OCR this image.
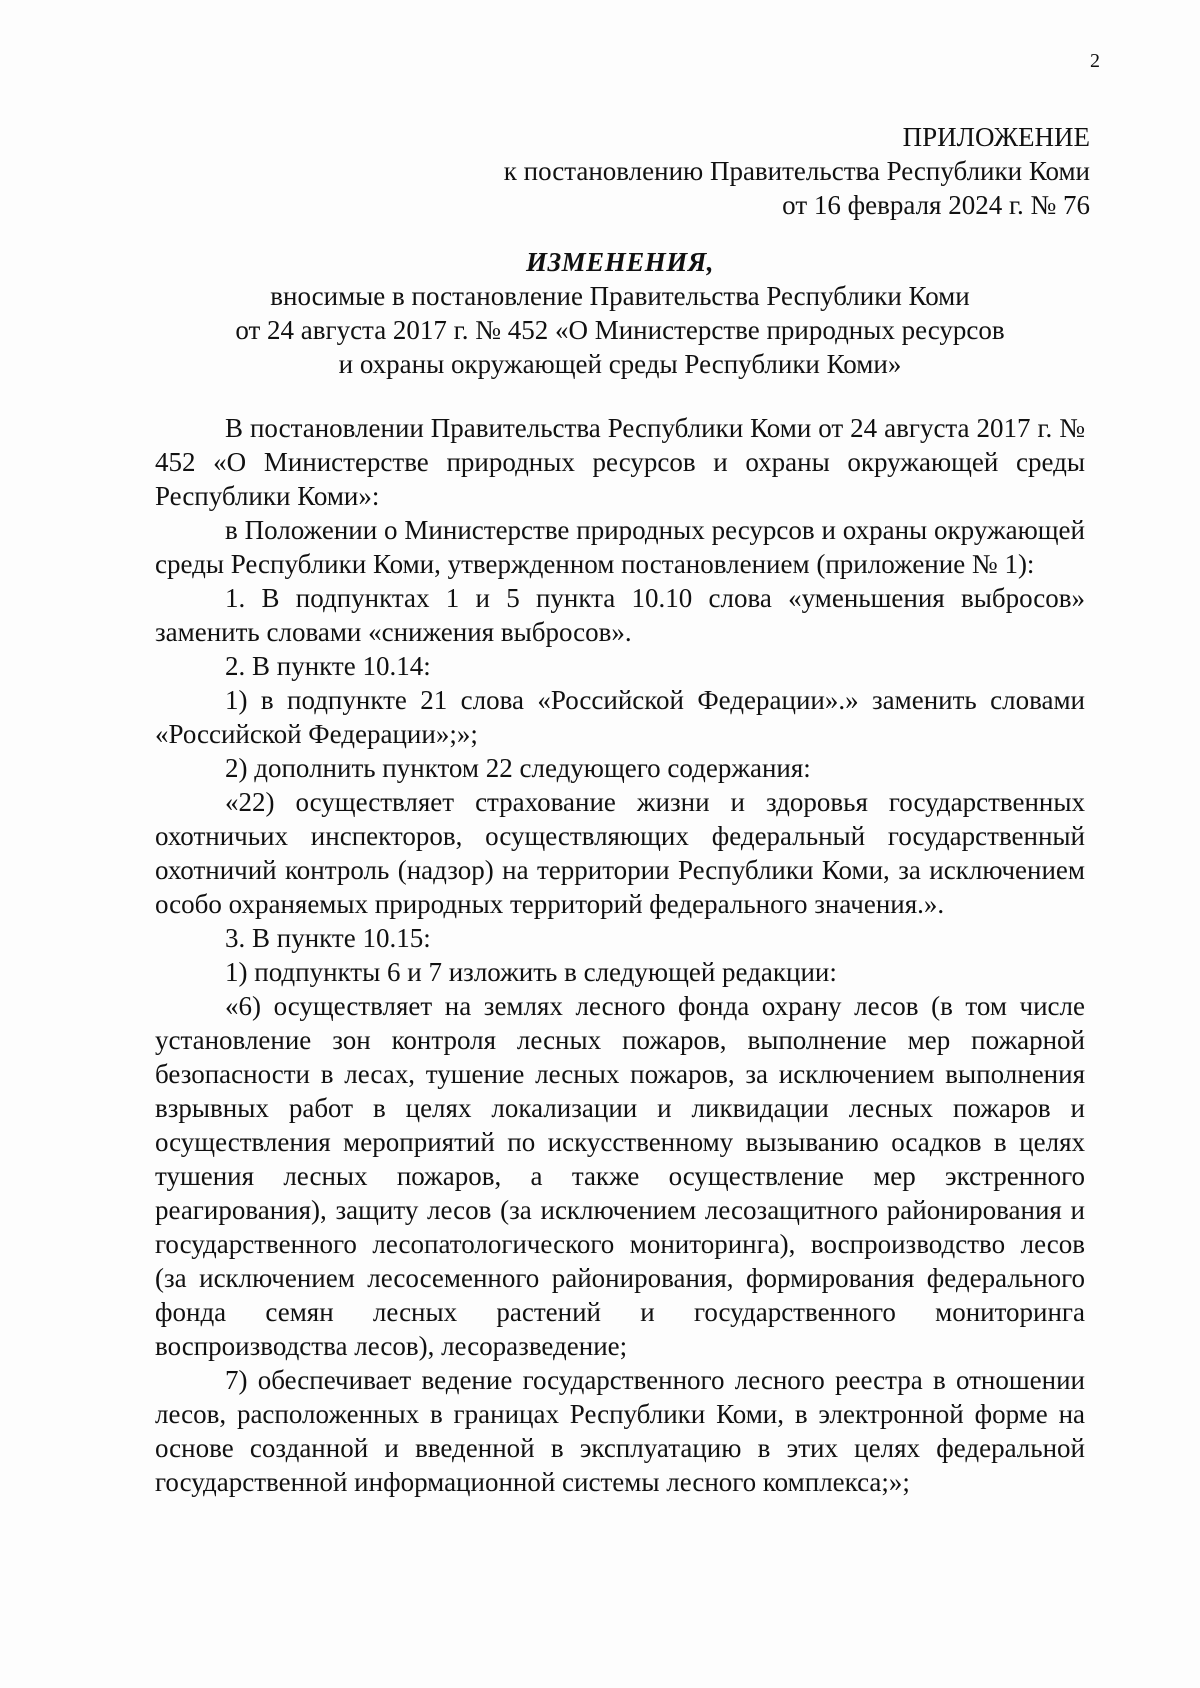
2
ПРИЛОЖЕНИЕ
к постановлению Правительства Республики Коми
от 16 февраля 2024 г. № 76
ИЗМЕНЕНИЯ,
вносимые в постановление Правительства Республики Коми
от 24 августа 2017 г. № 452 «О Министерстве природных ресурсов
и охраны окружающей среды Республики Коми»

В постановлении Правительства Республики Коми от 24 августа 2017 г. № 452 «О Министерстве природных ресурсов и охраны окружающей среды Республики Коми»:

в Положении о Министерстве природных ресурсов и охраны окружающей среды Республики Коми, утвержденном постановлением (приложение № 1):

1. В подпунктах 1 и 5 пункта 10.10 слова «уменьшения выбросов» заменить словами «снижения выбросов».

2. В пункте 10.14:

1) в подпункте 21 слова «Российской Федерации».» заменить словами «Российской Федерации»;»;

2) дополнить пунктом 22 следующего содержания:

«22) осуществляет страхование жизни и здоровья государственных охотничьих инспекторов, осуществляющих федеральный государственный охотничий контроль (надзор) на территории Республики Коми, за исключением особо охраняемых природных территорий федерального значения.».

3. В пункте 10.15:

1) подпункты 6 и 7 изложить в следующей редакции:

«6) осуществляет на землях лесного фонда охрану лесов (в том числе установление зон контроля лесных пожаров, выполнение мер пожарной безопасности в лесах, тушение лесных пожаров, за исключением выполнения взрывных работ в целях локализации и ликвидации лесных пожаров и осуществления мероприятий по искусственному вызыванию осадков в целях тушения лесных пожаров, а также осуществление мер экстренного реагирования), защиту лесов (за исключением лесозащитного районирования и государственного лесопатологического мониторинга), воспроизводство лесов (за исключением лесосеменного районирования, формирования федерального фонда семян лесных растений и государственного мониторинга воспроизводства лесов), лесоразведение;

7) обеспечивает ведение государственного лесного реестра в отношении лесов, расположенных в границах Республики Коми, в электронной форме на основе созданной и введенной в эксплуатацию в этих целях федеральной государственной информационной системы лесного комплекса;»;
